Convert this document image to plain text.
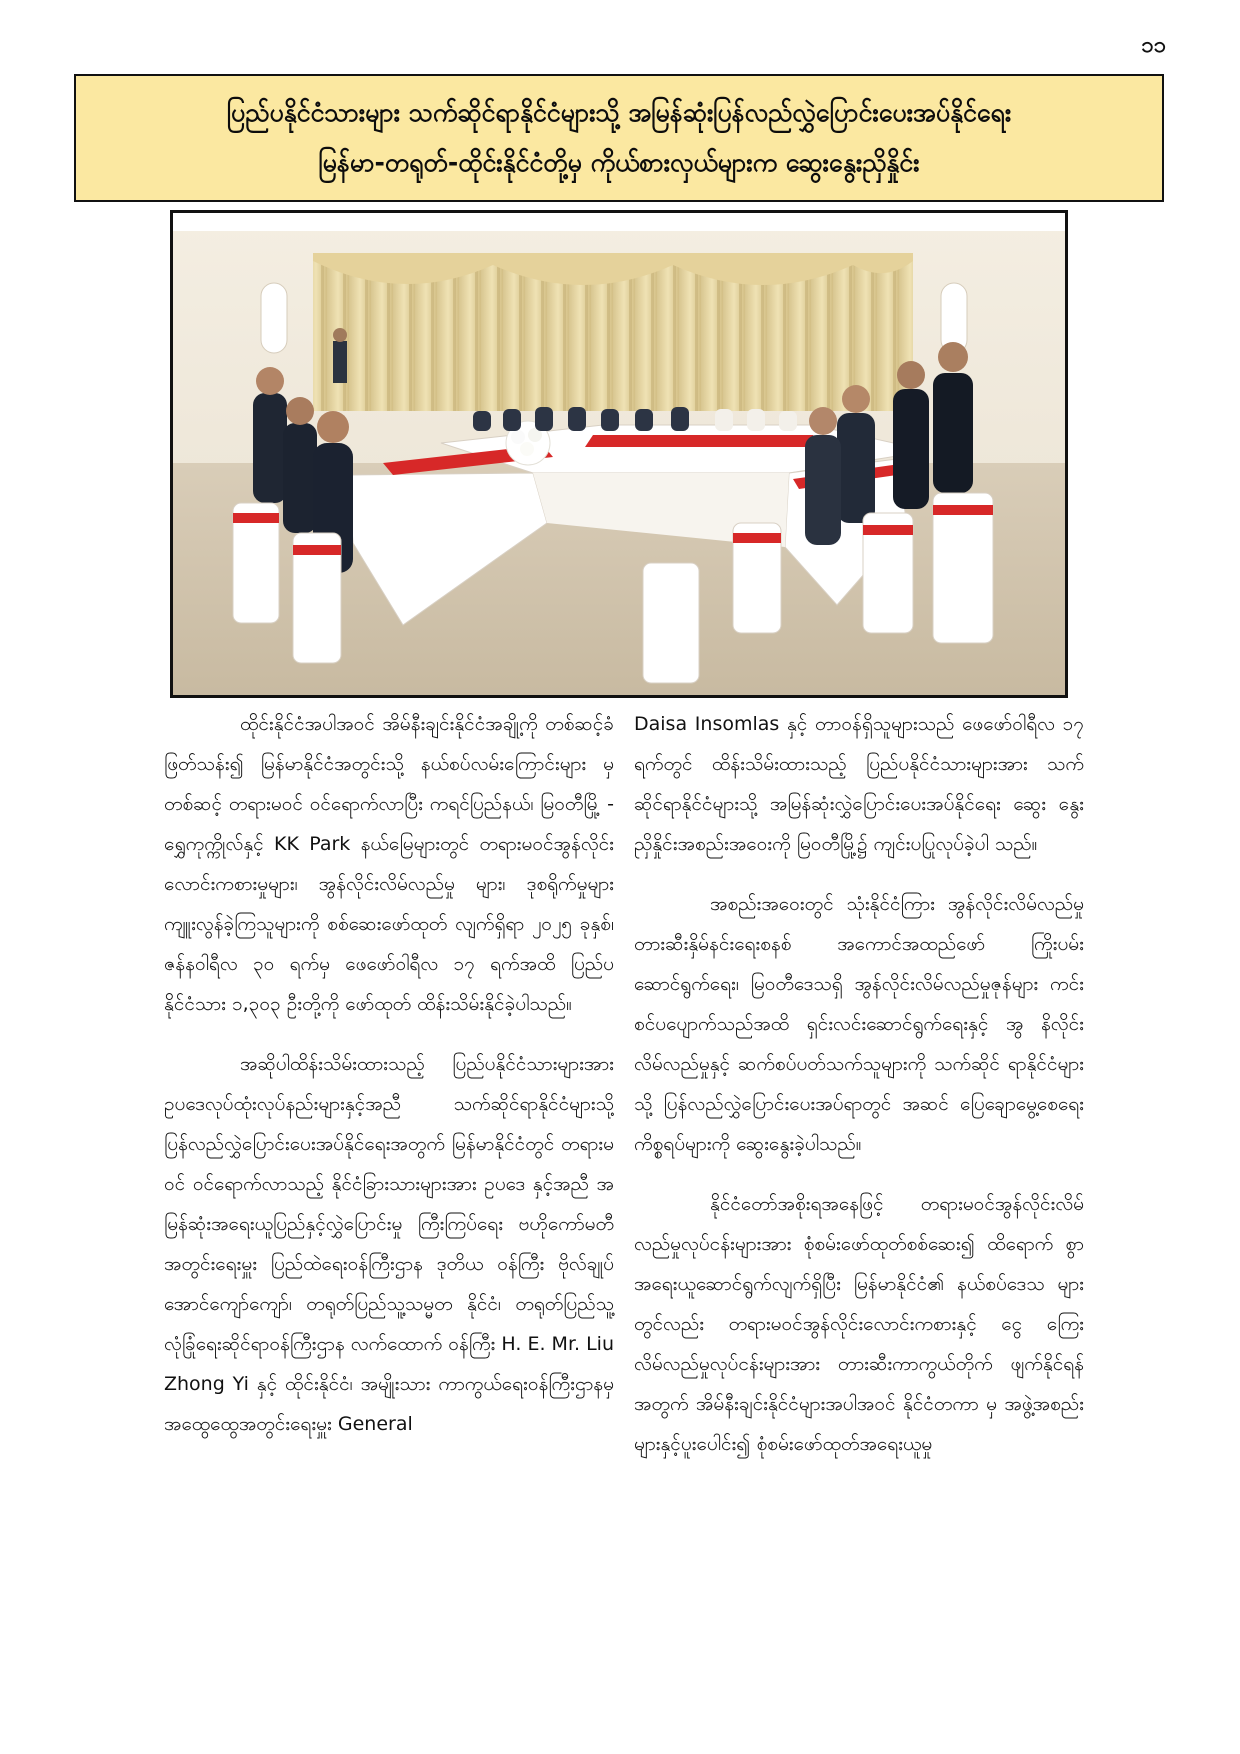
၁၁
ပြည်ပနိုင်ငံသားများ သက်ဆိုင်ရာနိုင်ငံများသို့ အမြန်ဆုံးပြန်လည်လွှဲပြောင်းပေးအပ်နိုင်ရေး
မြန်မာ-တရုတ်-ထိုင်းနိုင်ငံတို့မှ ကိုယ်စားလှယ်များက ဆွေးနွေးညှိနှိုင်း

ထိုင်းနိုင်ငံအပါအဝင် အိမ်နီးချင်းနိုင်ငံအချို့ကို တစ်ဆင့်ခံ ဖြတ်သန်း၍ မြန်မာနိုင်ငံအတွင်းသို့ နယ်စပ်လမ်းကြောင်းများ မှတစ်ဆင့် တရားမဝင် ဝင်ရောက်လာပြီး ကရင်ပြည်နယ်၊ မြဝတီမြို့ - ရွှေကုက္ကိုလ်နှင့် KK Park နယ်မြေများတွင် တရားမဝင်အွန်လိုင်းလောင်းကစားမှုများ၊ အွန်လိုင်းလိမ်လည်မှု များ၊ ဒုစရိုက်မှုများကျူးလွန်ခဲ့ကြသူများကို စစ်ဆေးဖော်ထုတ် လျက်ရှိရာ ၂၀၂၅ ခုနှစ်၊ ဇန်နဝါရီလ ၃၀ ရက်မှ ဖေဖော်ဝါရီလ ၁၇ ရက်အထိ ပြည်ပနိုင်ငံသား ၁,၃၀၃ ဦးတို့ကို ဖော်ထုတ် ထိန်းသိမ်းနိုင်ခဲ့ပါသည်။

အဆိုပါထိန်းသိမ်းထားသည့် ပြည်ပနိုင်ငံသားများအား ဥပဒေလုပ်ထုံးလုပ်နည်းများနှင့်အညီ သက်ဆိုင်ရာနိုင်ငံများသို့ ပြန်လည်လွှဲပြောင်းပေးအပ်နိုင်ရေးအတွက် မြန်မာနိုင်ငံတွင် တရားမဝင် ဝင်ရောက်လာသည့် နိုင်ငံခြားသားများအား ဥပဒေ နှင့်အညီ အမြန်ဆုံးအရေးယူပြည်နှင့်လွှဲပြောင်းမှု ကြီးကြပ်ရေး ဗဟိုကော်မတီအတွင်းရေးမှူး ပြည်ထဲရေးဝန်ကြီးဌာန ဒုတိယ ဝန်ကြီး ဗိုလ်ချုပ် အောင်ကျော်ကျော်၊ တရုတ်ပြည်သူ့သမ္မတ နိုင်ငံ၊ တရုတ်ပြည်သူ့လုံခြုံရေးဆိုင်ရာဝန်ကြီးဌာန လက်ထောက် ဝန်ကြီး H. E. Mr. Liu Zhong Yi နှင့် ထိုင်းနိုင်ငံ၊ အမျိုးသား ကာကွယ်ရေးဝန်ကြီးဌာနမှ အထွေထွေအတွင်းရေးမှူး General

Daisa Insomlas နှင့် တာဝန်ရှိသူများသည် ဖေဖော်ဝါရီလ ၁၇ ရက်တွင် ထိန်းသိမ်းထားသည့် ပြည်ပနိုင်ငံသားများအား သက် ဆိုင်ရာနိုင်ငံများသို့ အမြန်ဆုံးလွှဲပြောင်းပေးအပ်နိုင်ရေး ဆွေး နွေး ညှိနှိုင်းအစည်းအဝေးကို မြဝတီမြို့၌ ကျင်းပပြုလုပ်ခဲ့ပါ သည်။

အစည်းအဝေးတွင် သုံးနိုင်ငံကြား အွန်လိုင်းလိမ်လည်မှု တားဆီးနှိမ်နင်းရေးစနစ် အကောင်အထည်ဖော် ကြိုးပမ်း ဆောင်ရွက်ရေး၊ မြဝတီဒေသရှိ အွန်လိုင်းလိမ်လည်မှုဇုန်များ ကင်းစင်ပပျောက်သည်အထိ ရှင်းလင်းဆောင်ရွက်ရေးနှင့် အွ နိလိုင်းလိမ်လည်မှုနှင့် ဆက်စပ်ပတ်သက်သူများကို သက်ဆိုင် ရာနိုင်ငံများသို့ ပြန်လည်လွှဲပြောင်းပေးအပ်ရာတွင် အဆင် ပြေချောမွေ့စေရေးကိစ္စရပ်များကို ဆွေးနွေးခဲ့ပါသည်။

နိုင်ငံတော်အစိုးရအနေဖြင့် တရားမဝင်အွန်လိုင်းလိမ် လည်မှုလုပ်ငန်းများအား စုံစမ်းဖော်ထုတ်စစ်ဆေး၍ ထိရောက် စွာ အရေးယူဆောင်ရွက်လျက်ရှိပြီး မြန်မာနိုင်ငံ၏ နယ်စပ်ဒေသ များတွင်လည်း တရားမဝင်အွန်လိုင်းလောင်းကစားနှင့် ငွေ ကြေးလိမ်လည်မှုလုပ်ငန်းများအား တားဆီးကာကွယ်တိုက် ဖျက်နိုင်ရန်အတွက် အိမ်နီးချင်းနိုင်ငံများအပါအဝင် နိုင်ငံတကာ မှ အဖွဲ့အစည်းများနှင့်ပူးပေါင်း၍ စုံစမ်းဖော်ထုတ်အရေးယူမှု
